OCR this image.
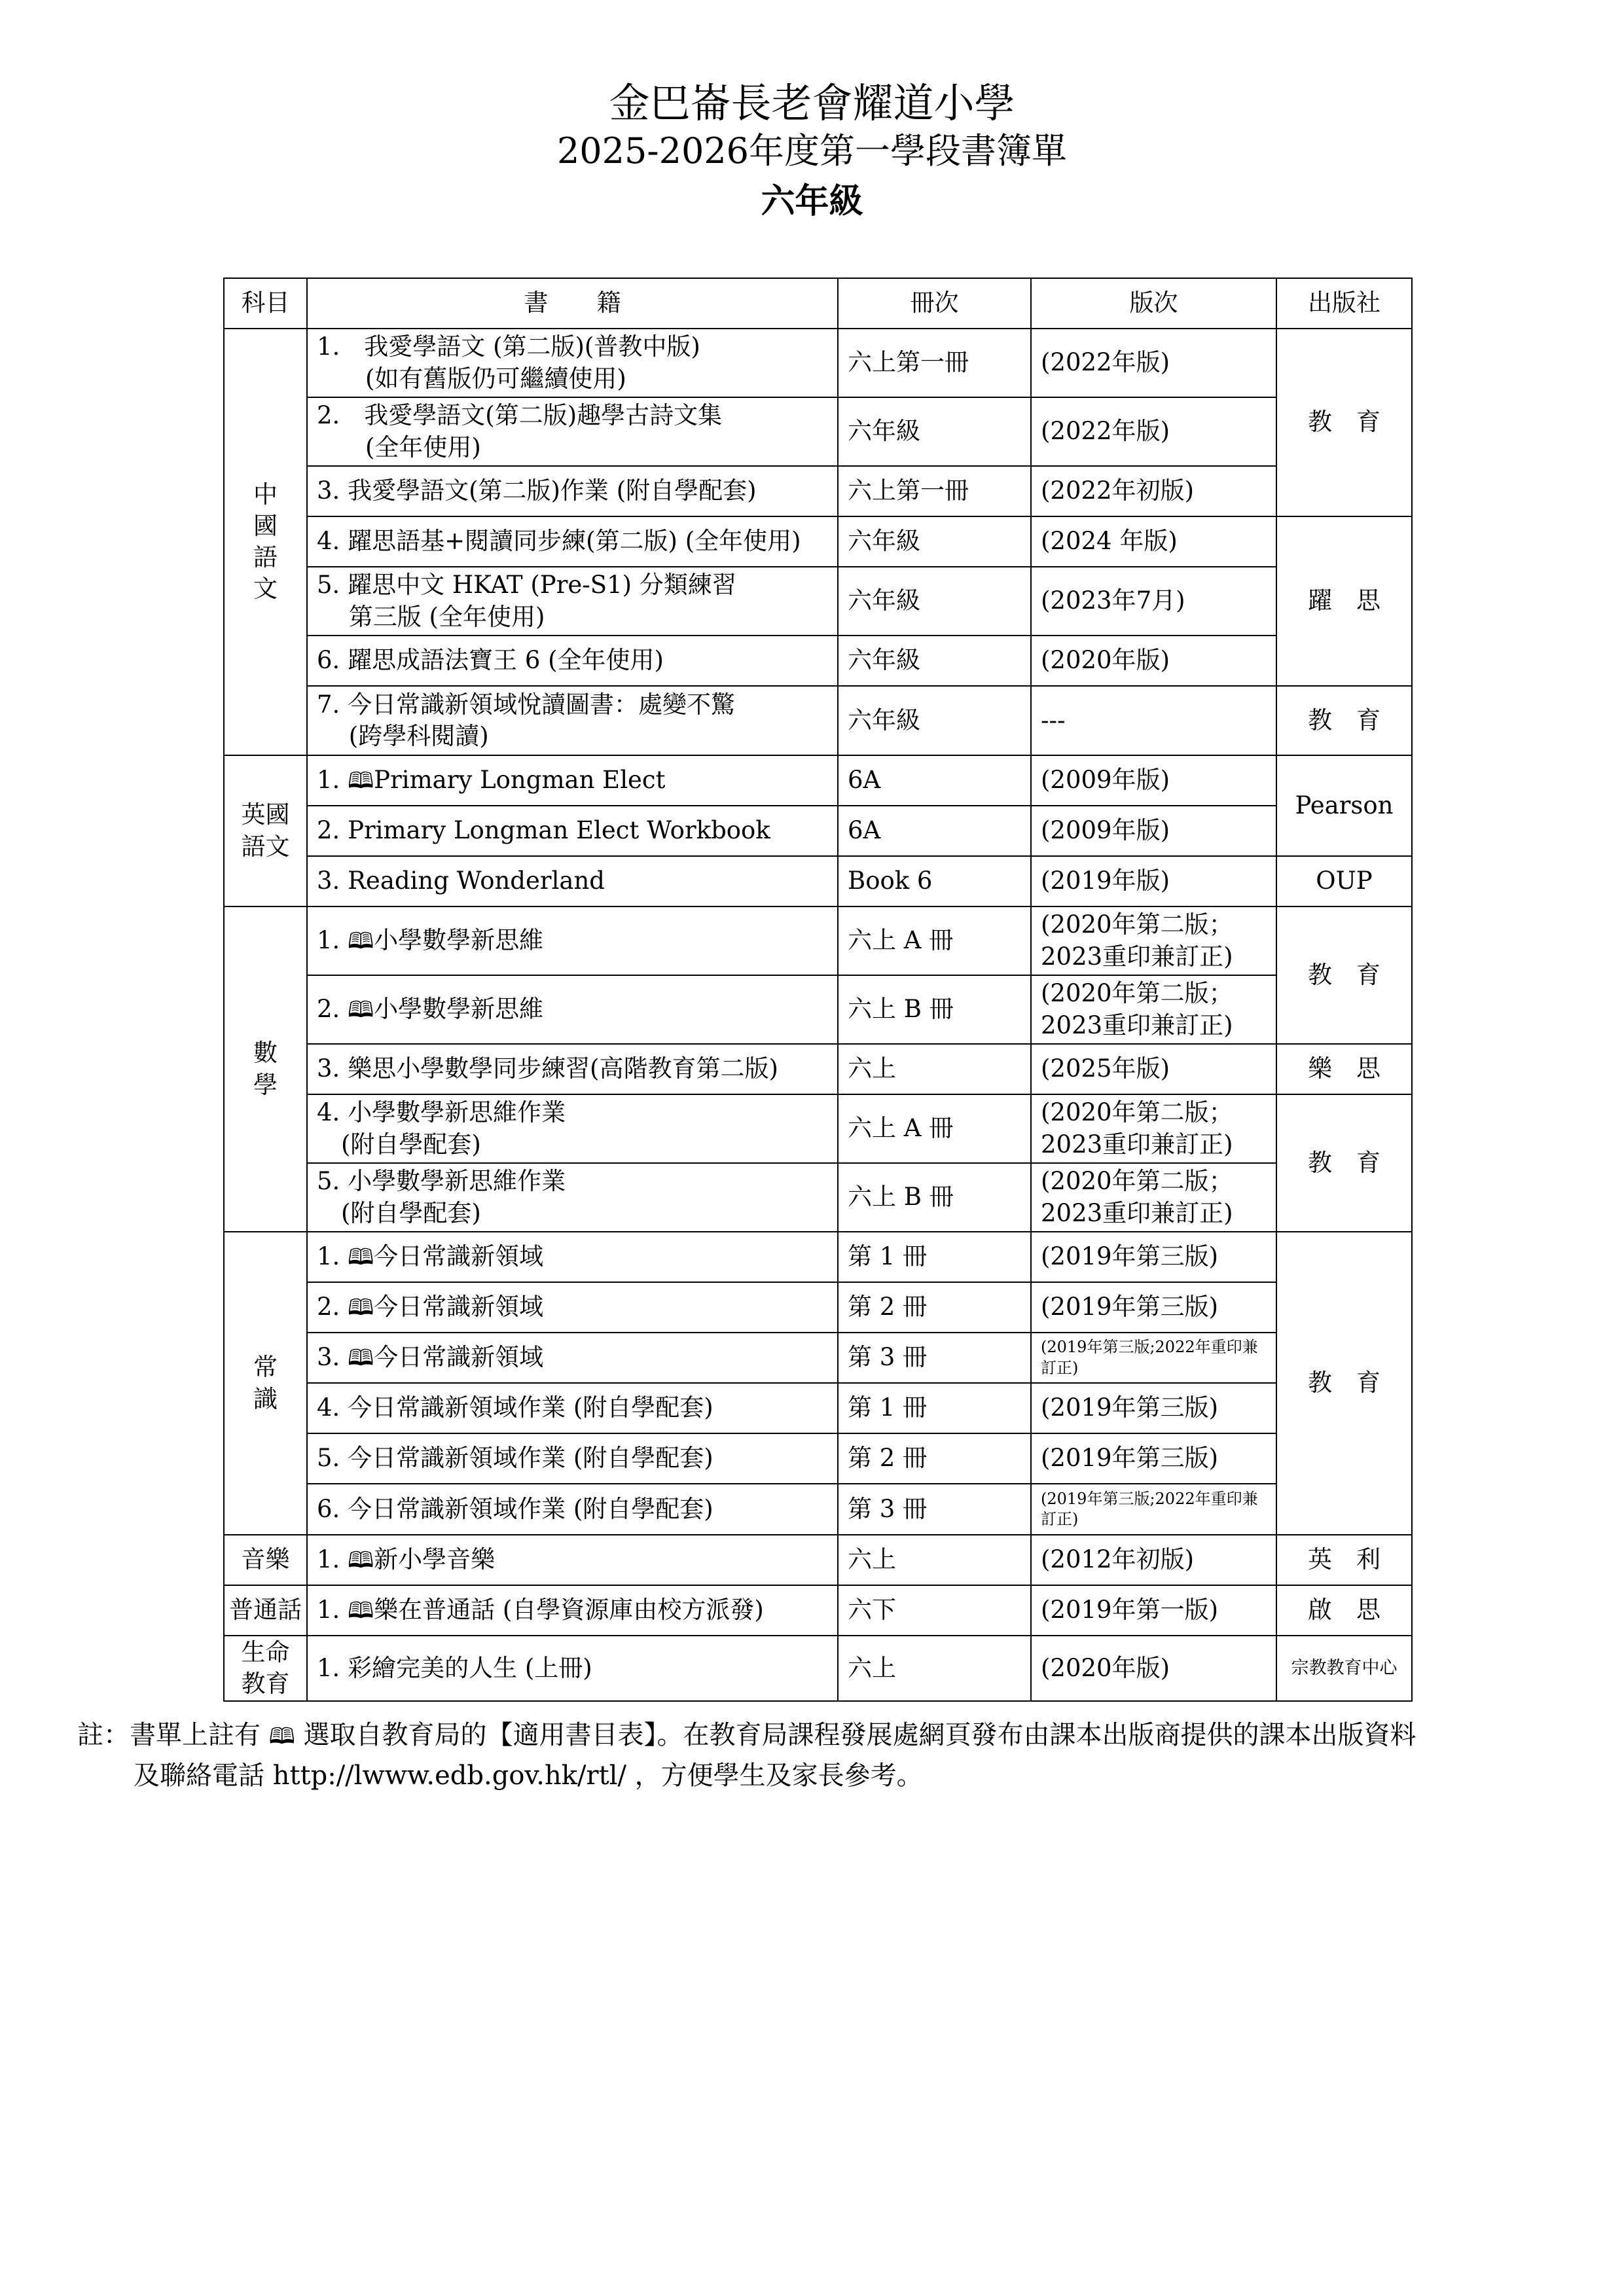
金巴崙長老會耀道小學
2025-2026年度第一學段書簿單
六年級
科目	書　　籍	冊次	版次	出版社
中
國
語
文	1.　我愛學語文 (第二版)(普教中版)
　　(如有舊版仍可繼續使用)	六上第一冊	(2022年版)	教　育
	2.　我愛學語文(第二版)趣學古詩文集
　　(全年使用)	六年級	(2022年版)	
	3. 我愛學語文(第二版)作業 (附自學配套)	六上第一冊	(2022年初版)	
	4. 躍思語基+閱讀同步練(第二版) (全年使用)	六年級	(2024 年版)	躍　思
	5. 躍思中文 HKAT (Pre-S1) 分類練習
　 第三版 (全年使用)	六年級	(2023年7月)	
	6. 躍思成語法寶王 6 (全年使用)	六年級	(2020年版)	
	7. 今日常識新領域悅讀圖書：處變不驚
　 (跨學科閱讀)	六年級	---	教　育
英國
語文	1. 🕮Primary Longman Elect	6A	(2009年版)	Pearson
	2. Primary Longman Elect Workbook	6A	(2009年版)	
	3. Reading Wonderland	Book 6	(2019年版)	OUP
數
學	1. 🕮小學數學新思維	六上 A 冊	(2020年第二版；
2023重印兼訂正)	教　育
	2. 🕮小學數學新思維	六上 B 冊	(2020年第二版；
2023重印兼訂正)	
	3. 樂思小學數學同步練習(高階教育第二版)	六上	(2025年版)	樂　思
	4. 小學數學新思維作業
　(附自學配套)	六上 A 冊	(2020年第二版；
2023重印兼訂正)	教　育
	5. 小學數學新思維作業
　(附自學配套)	六上 B 冊	(2020年第二版；
2023重印兼訂正)	
常
識	1. 🕮今日常識新領域	第 1 冊	(2019年第三版)	教　育
	2. 🕮今日常識新領域	第 2 冊	(2019年第三版)	
	3. 🕮今日常識新領域	第 3 冊	(2019年第三版;2022年重印兼訂正)	
	4. 今日常識新領域作業 (附自學配套)	第 1 冊	(2019年第三版)	
	5. 今日常識新領域作業 (附自學配套)	第 2 冊	(2019年第三版)	
	6. 今日常識新領域作業 (附自學配套)	第 3 冊	(2019年第三版;2022年重印兼訂正)	
音樂	1. 🕮新小學音樂	六上	(2012年初版)	英　利
普通話	1. 🕮樂在普通話 (自學資源庫由校方派發)	六下	(2019年第一版)	啟　思
生命
教育	1. 彩繪完美的人生 (上冊)	六上	(2020年版)	宗教教育中心
註：書單上註有 🕮 選取自教育局的【適用書目表】。在教育局課程發展處網頁發布由課本出版商提供的課本出版資料
及聯絡電話 http://lwww.edb.gov.hk/rtl/ ，方便學生及家長參考。
